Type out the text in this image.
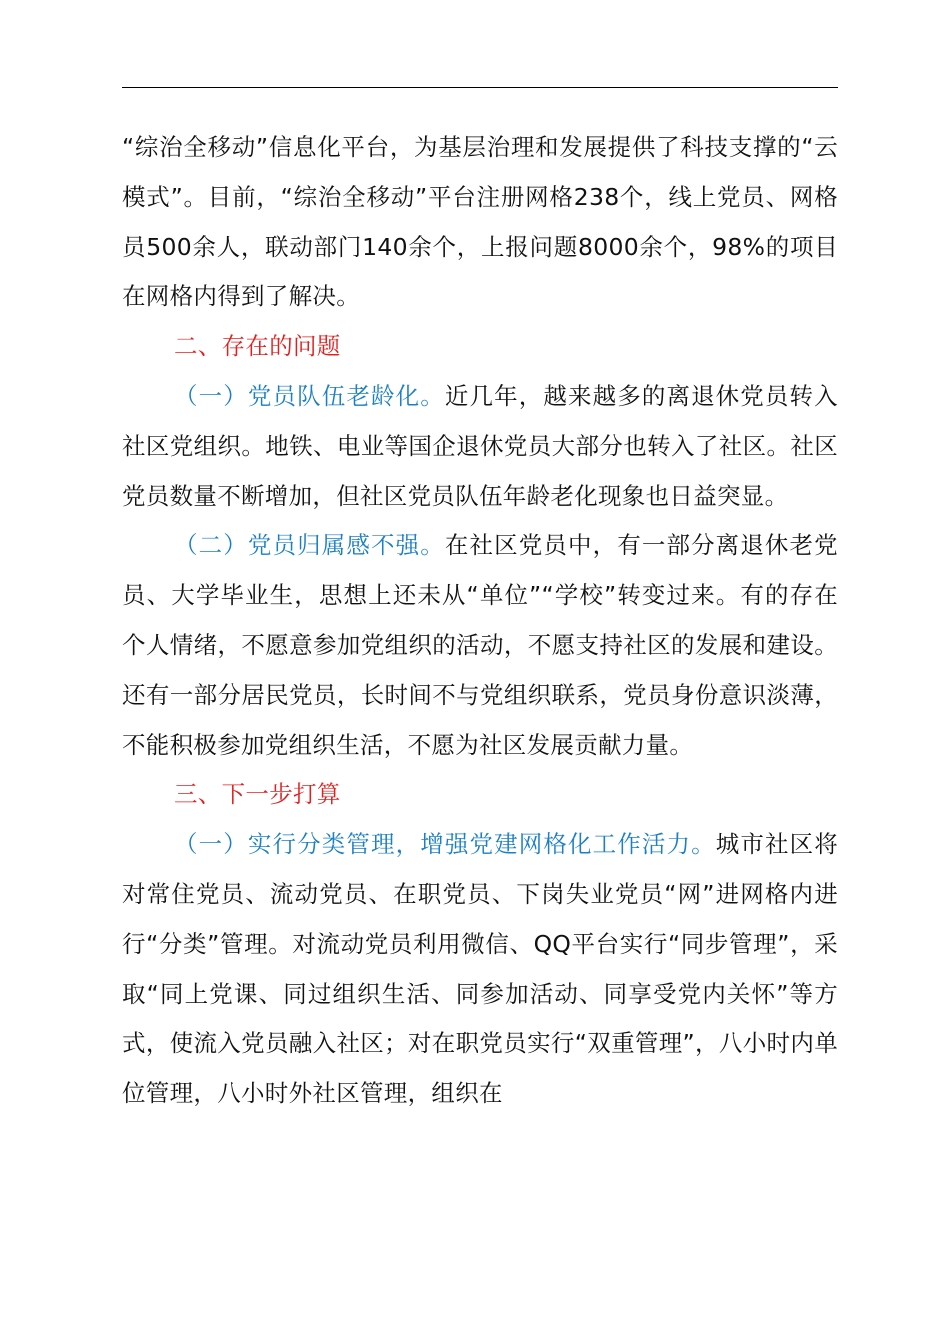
“综治全移动”信息化平台，为基层治理和发展提供了科技支撑的“云模式”。目前，“综治全移动”平台注册网格238个，线上党员、网格员500余人，联动部门140余个，上报问题8000余个，98%的项目在网格内得到了解决。

二、存在的问题

（一）党员队伍老龄化。近几年，越来越多的离退休党员转入社区党组织。地铁、电业等国企退休党员大部分也转入了社区。社区党员数量不断增加，但社区党员队伍年龄老化现象也日益突显。

（二）党员归属感不强。在社区党员中，有一部分离退休老党员、大学毕业生，思想上还未从“单位”“学校”转变过来。有的存在个人情绪，不愿意参加党组织的活动，不愿支持社区的发展和建设。还有一部分居民党员，长时间不与党组织联系，党员身份意识淡薄，不能积极参加党组织生活，不愿为社区发展贡献力量。

三、下一步打算

（一）实行分类管理，增强党建网格化工作活力。城市社区将对常住党员、流动党员、在职党员、下岗失业党员“网”进网格内进行“分类”管理。对流动党员利用微信、QQ平台实行“同步管理”，采取“同上党课、同过组织生活、同参加活动、同享受党内关怀”等方式，使流入党员融入社区；对在职党员实行“双重管理”，八小时内单位管理，八小时外社区管理，组织在
